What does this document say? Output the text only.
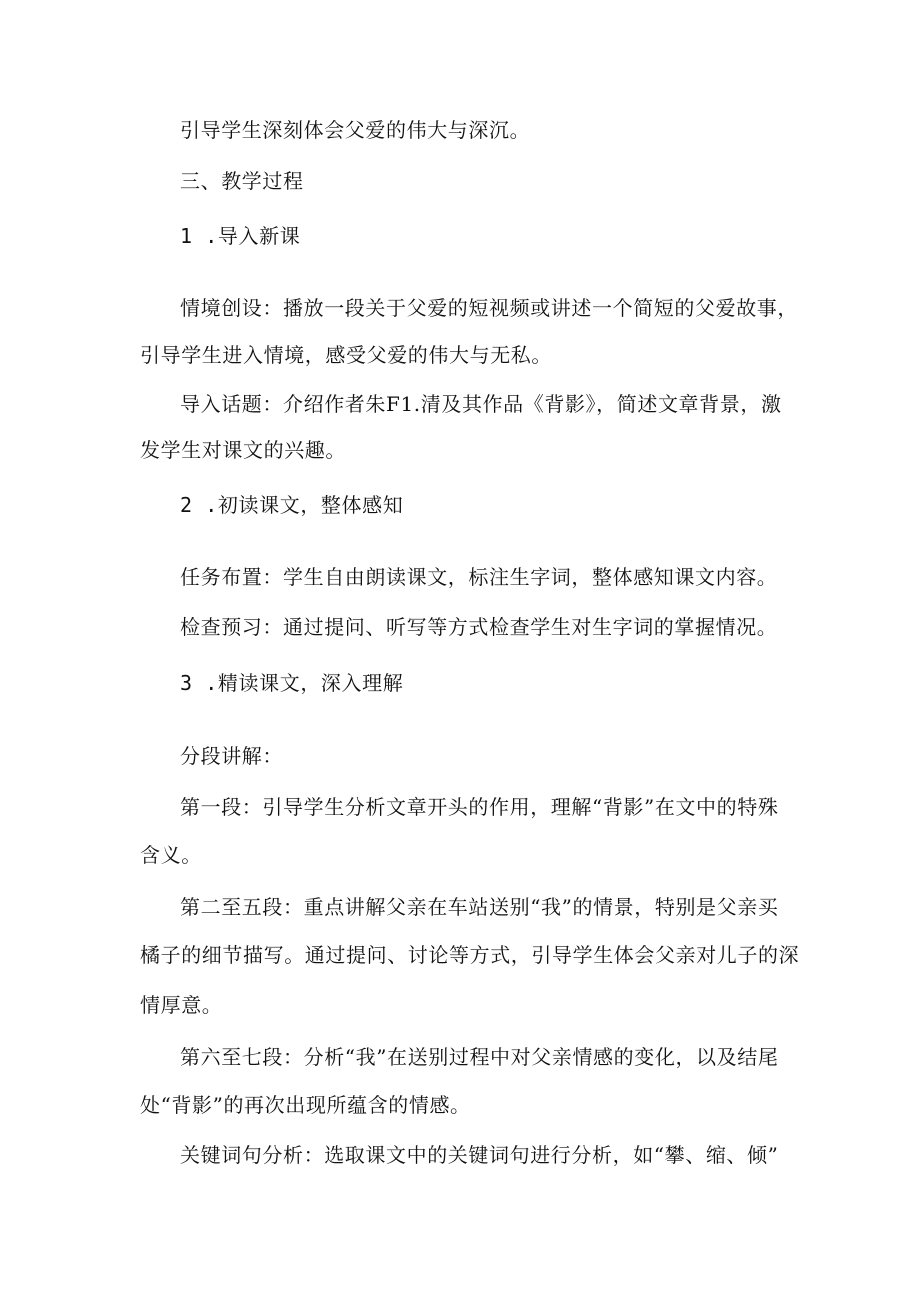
引导学生深刻体会父爱的伟大与深沉。
三、教学过程
1 .导入新课
情境创设：播放一段关于父爱的短视频或讲述一个简短的父爱故事，
引导学生进入情境，感受父爱的伟大与无私。
导入话题：介绍作者朱F1.清及其作品《背影》，简述文章背景，激
发学生对课文的兴趣。
2 .初读课文，整体感知
任务布置：学生自由朗读课文，标注生字词，整体感知课文内容。
检查预习：通过提问、听写等方式检查学生对生字词的掌握情况。
3 .精读课文，深入理解
分段讲解：
第一段：引导学生分析文章开头的作用，理解“背影”在文中的特殊
含义。
第二至五段：重点讲解父亲在车站送别“我”的情景，特别是父亲买
橘子的细节描写。通过提问、讨论等方式，引导学生体会父亲对儿子的深
情厚意。
第六至七段：分析“我”在送别过程中对父亲情感的变化，以及结尾
处“背影”的再次出现所蕴含的情感。
关键词句分析：选取课文中的关键词句进行分析，如“攀、缩、倾”
